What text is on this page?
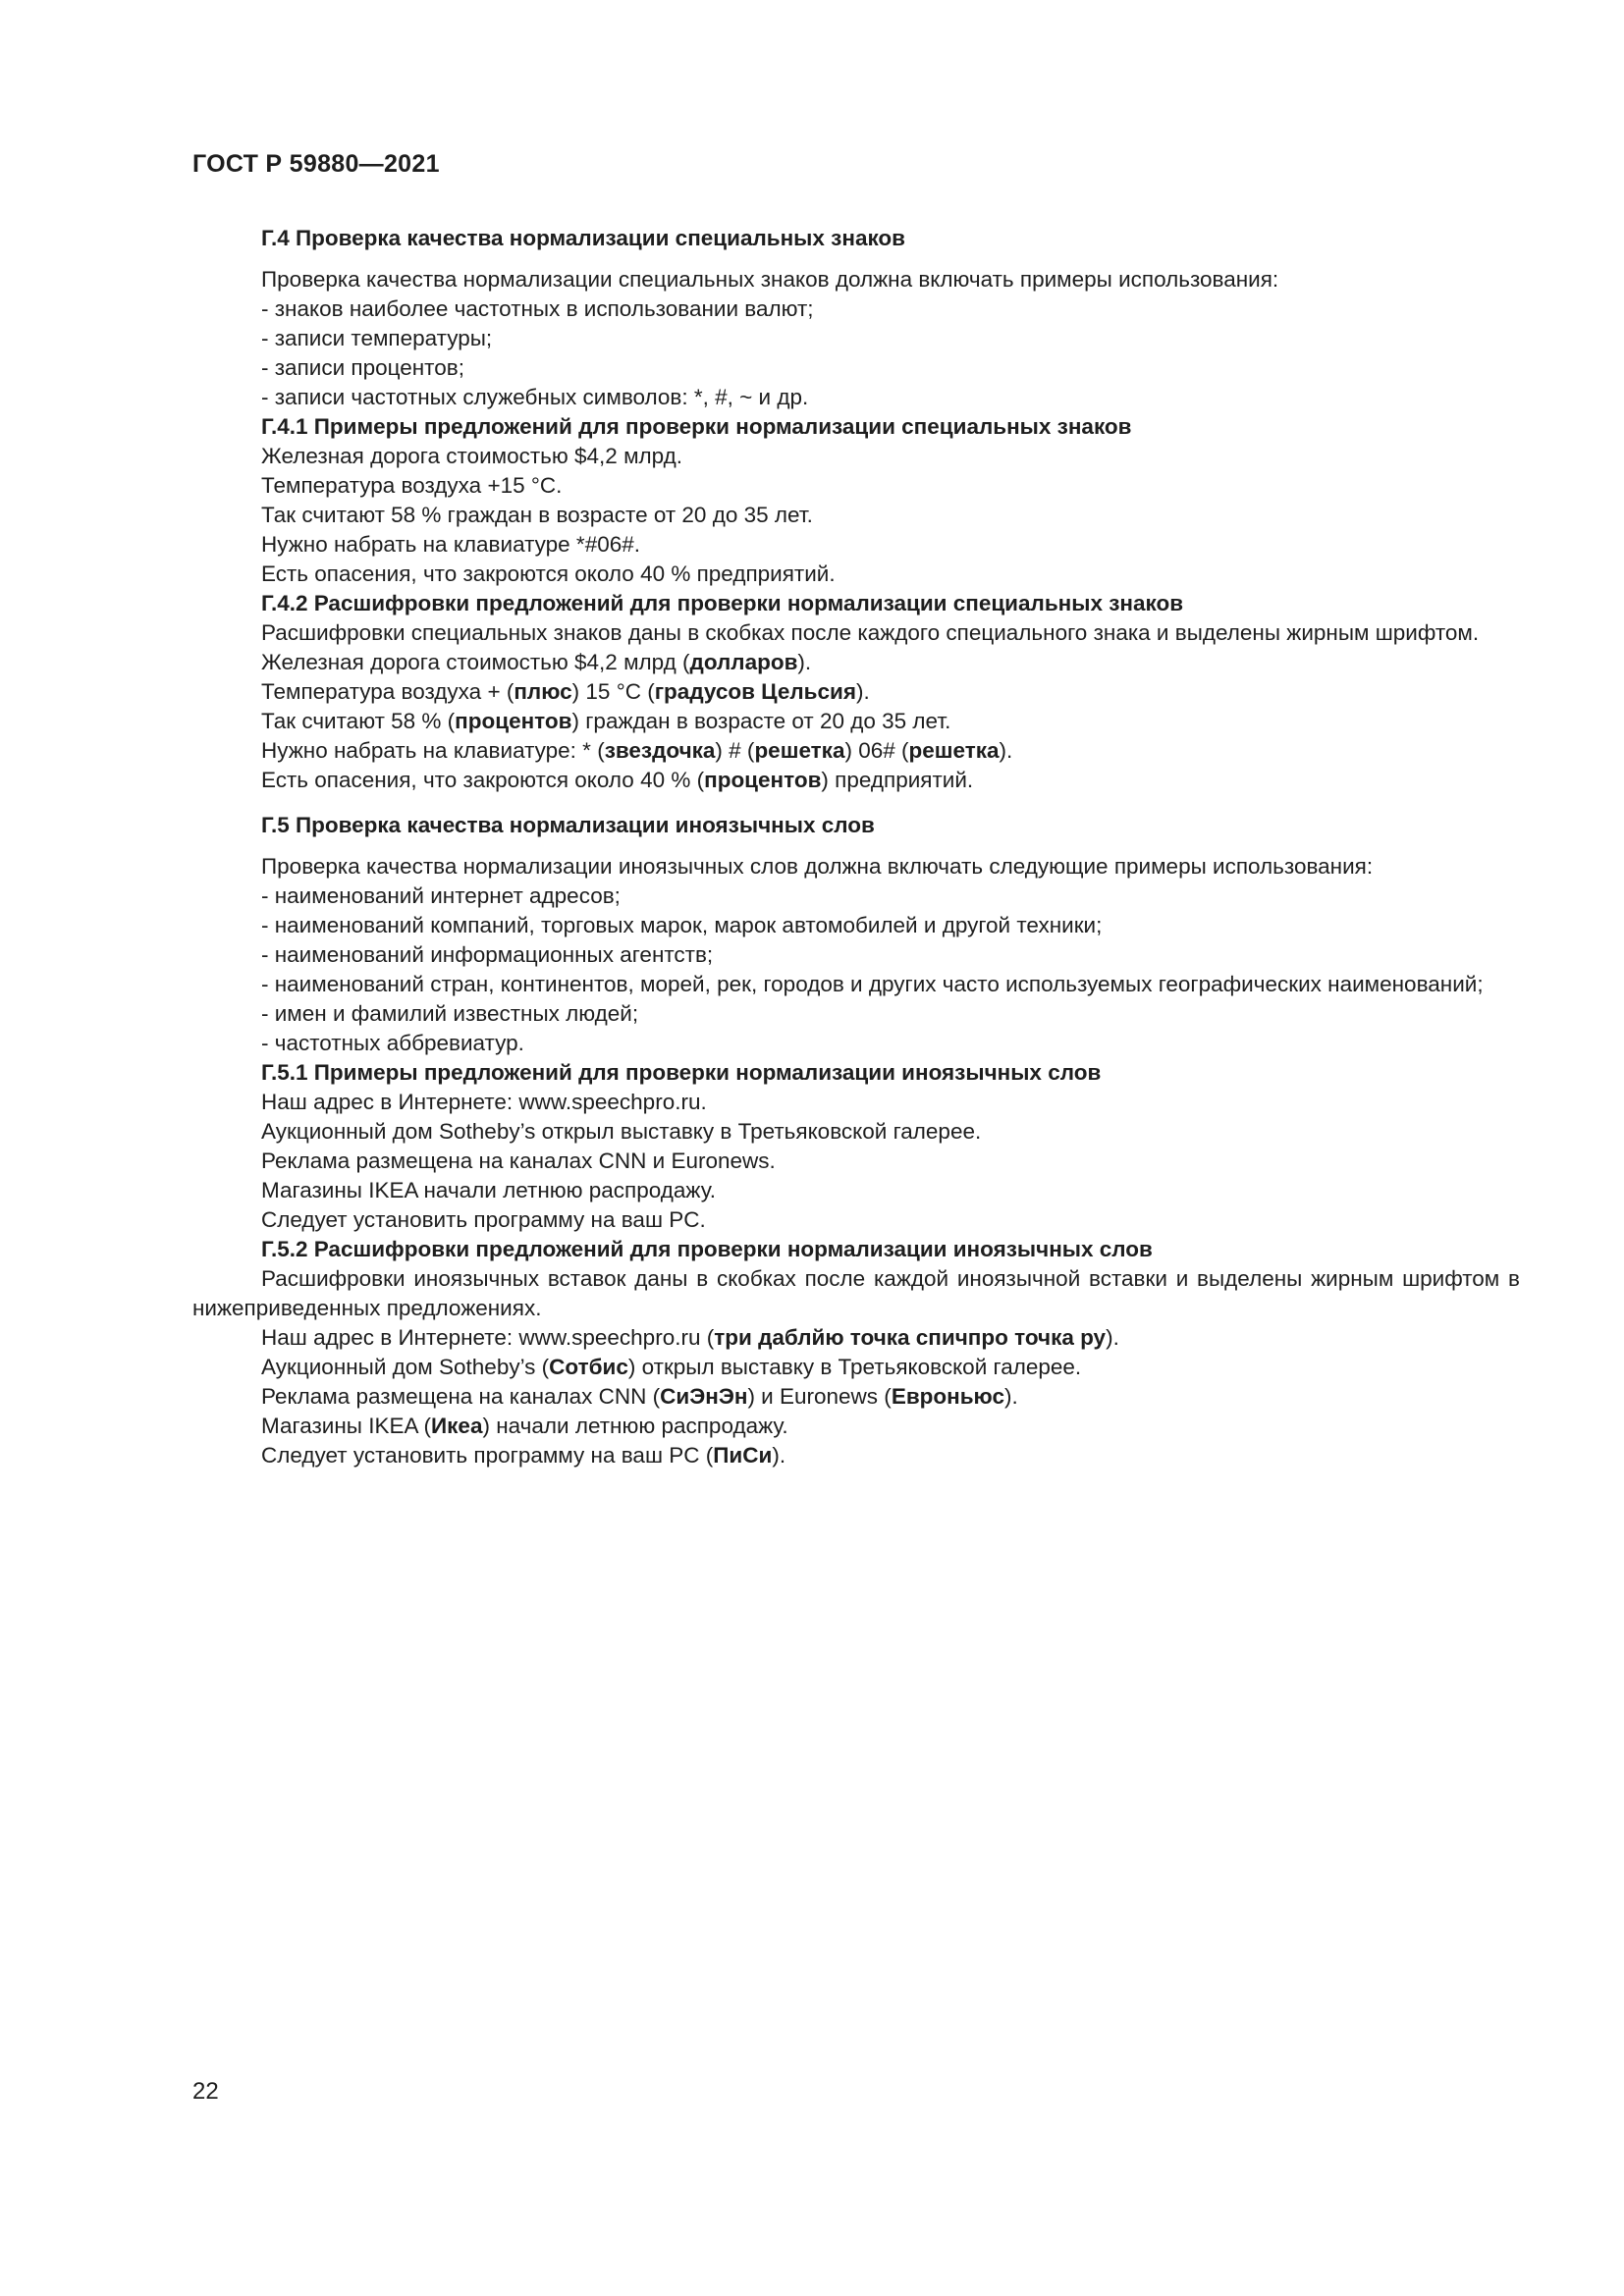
ГОСТ Р 59880—2021
Г.4 Проверка качества нормализации специальных знаков
Проверка качества нормализации специальных знаков должна включать примеры использования:
- знаков наиболее частотных в использовании валют;
- записи температуры;
- записи процентов;
- записи частотных служебных символов: *, #, ~ и др.
Г.4.1 Примеры предложений для проверки нормализации специальных знаков
Железная дорога стоимостью $4,2 млрд.
Температура воздуха +15 °С.
Так считают 58 % граждан в возрасте от 20 до 35 лет.
Нужно набрать на клавиатуре *#06#.
Есть опасения, что закроются около 40 % предприятий.
Г.4.2 Расшифровки предложений для проверки нормализации специальных знаков
Расшифровки специальных знаков даны в скобках после каждого специального знака и выделены жирным шрифтом.
Железная дорога стоимостью $4,2 млрд (долларов).
Температура воздуха + (плюс) 15 °С (градусов Цельсия).
Так считают 58 % (процентов) граждан в возрасте от 20 до 35 лет.
Нужно набрать на клавиатуре: * (звездочка) # (решетка) 06# (решетка).
Есть опасения, что закроются около 40 % (процентов) предприятий.
Г.5 Проверка качества нормализации иноязычных слов
Проверка качества нормализации иноязычных слов должна включать следующие примеры использования:
- наименований интернет адресов;
- наименований компаний, торговых марок, марок автомобилей и другой техники;
- наименований информационных агентств;
- наименований стран, континентов, морей, рек, городов и других часто используемых географических наименований;
- имен и фамилий известных людей;
- частотных аббревиатур.
Г.5.1 Примеры предложений для проверки нормализации иноязычных слов
Наш адрес в Интернете: www.speechpro.ru.
Аукционный дом Sotheby’s открыл выставку в Третьяковской галерее.
Реклама размещена на каналах CNN и Euronews.
Магазины IKEA начали летнюю распродажу.
Следует установить программу на ваш PC.
Г.5.2 Расшифровки предложений для проверки нормализации иноязычных слов
Расшифровки иноязычных вставок даны в скобках после каждой иноязычной вставки и выделены жирным шрифтом в нижеприведенных предложениях.
Наш адрес в Интернете: www.speechpro.ru (три даблйю точка спичпро точка ру).
Аукционный дом Sotheby’s (Сотбис) открыл выставку в Третьяковской галерее.
Реклама размещена на каналах CNN (СиЭнЭн) и Euronews (Евроньюс).
Магазины IKEA (Икеа) начали летнюю распродажу.
Следует установить программу на ваш PC (ПиСи).
22
